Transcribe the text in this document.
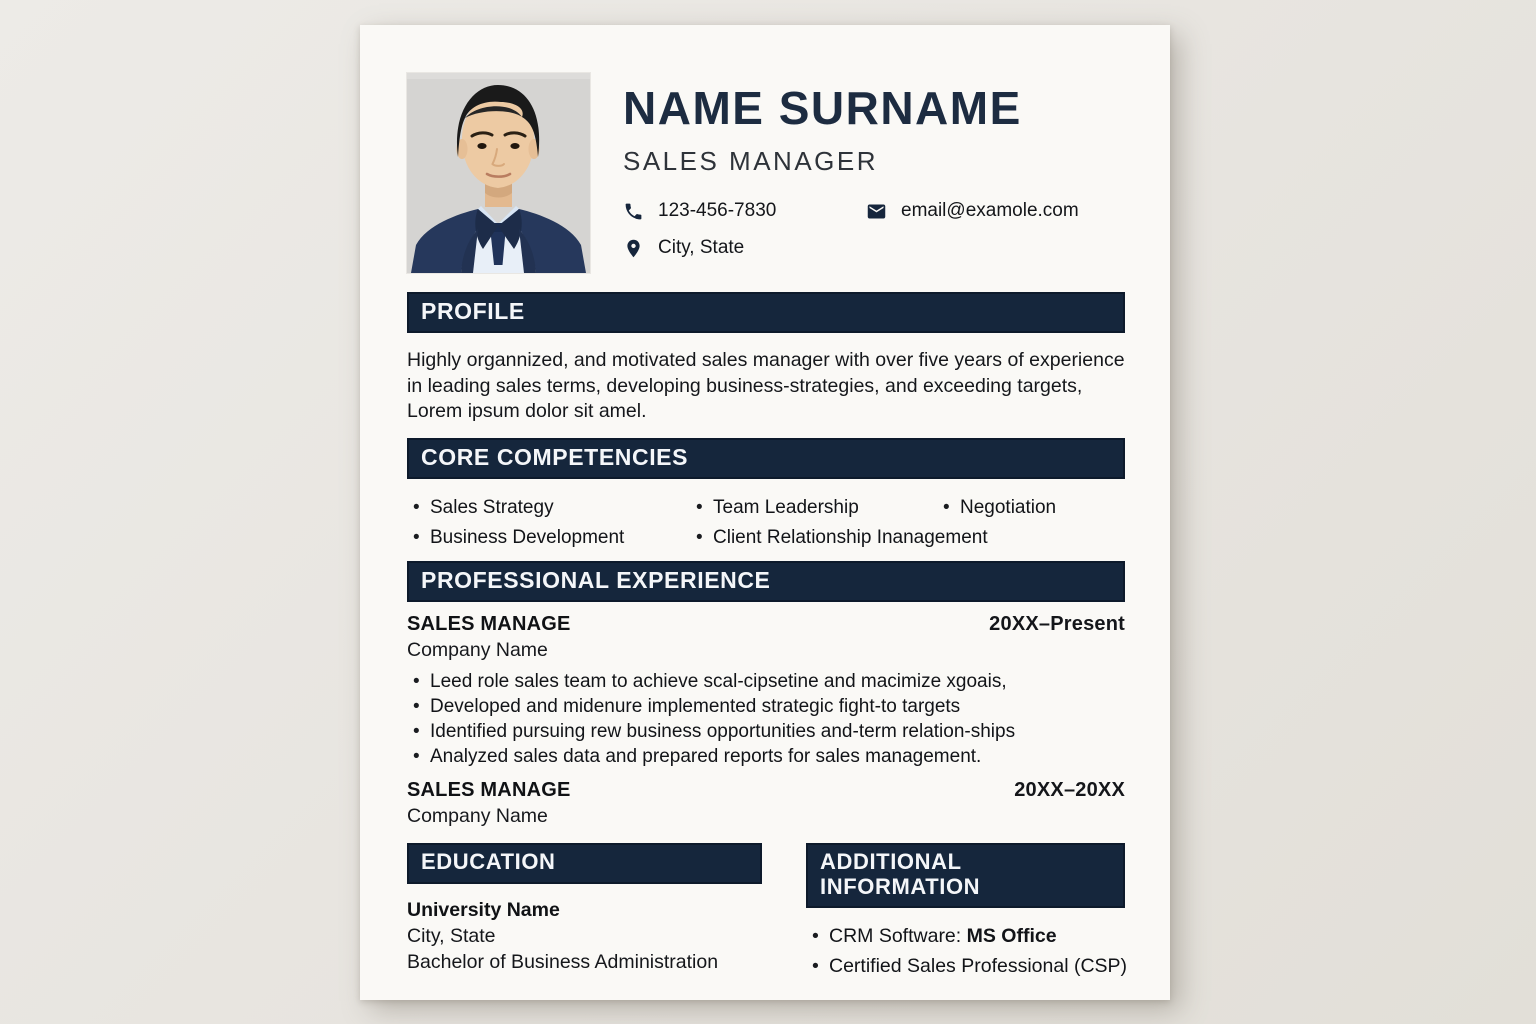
NAME SURNAME
SALES MANAGER
123-456-7830	email@examole.com
City, State
PROFILE

Highly organnized, and motivated sales manager with over five years of experience in leading sales terms, developing business-strategies, and exceeding targets, Lorem ipsum dolor sit amel.

CORE COMPETENCIES
Sales Strategy
Business Development
Team Leadership
Client Relationship Inanagement
Negotiation
PROFESSIONAL EXPERIENCE
SALES MANAGE	20XX–Present
Company Name
Leed role sales team to achieve scal-cipsetine and macimize xgoais,
Developed and midenure implemented strategic fight-to targets
Identified pursuing rew business opportunities and-term relation-ships
Analyzed sales data and prepared reports for sales management.
SALES MANAGE	20XX–20XX
Company Name
EDUCATION
University Name
City, State
Bachelor of Business Administration
ADDITIONAL INFORMATION
CRM Software: MS Office
Certified Sales Professional (CSP)
